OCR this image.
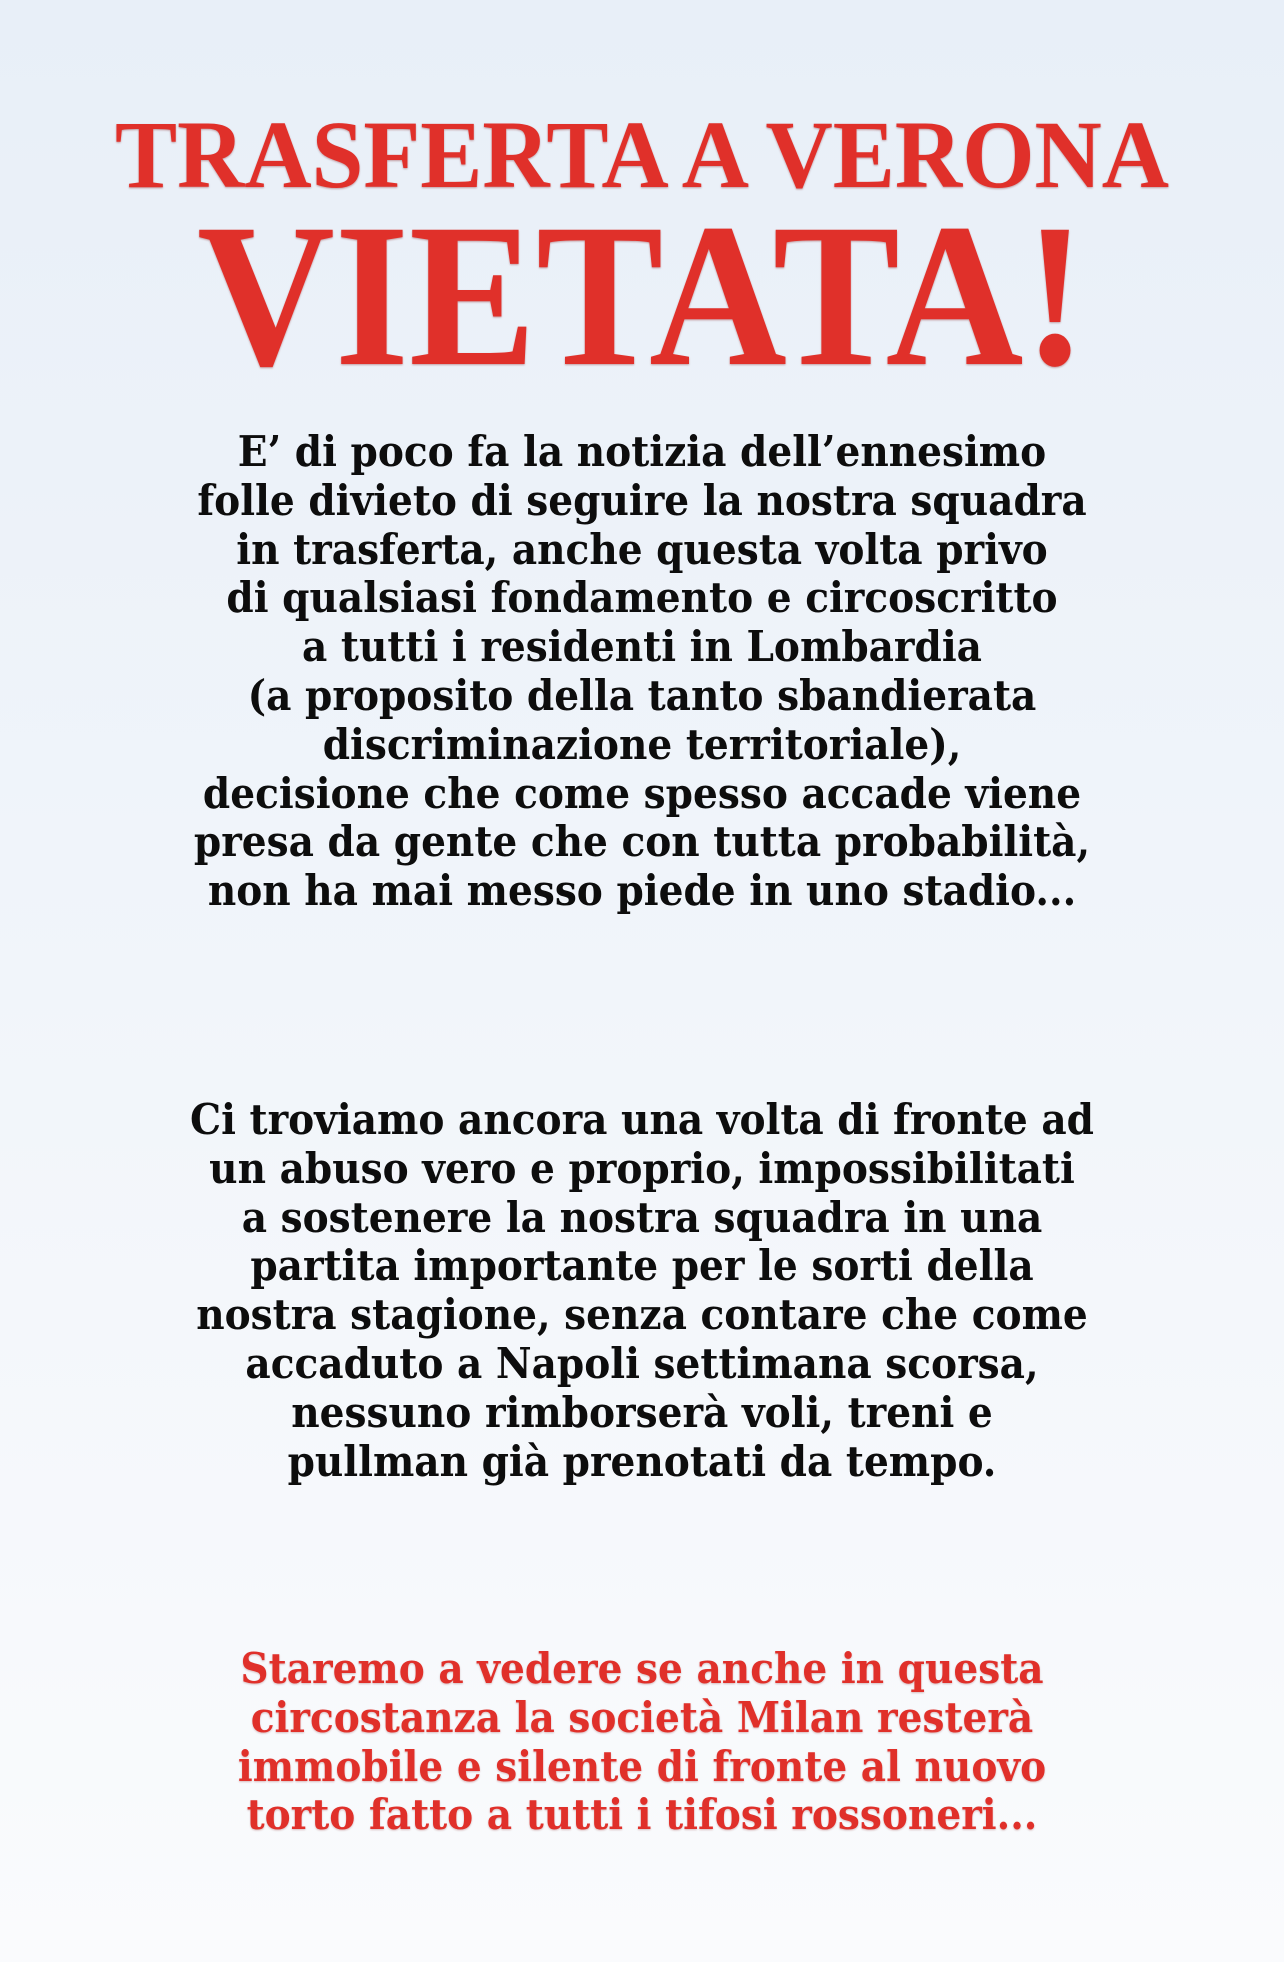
TRASFERTA A VERONA
VIETATA!
E’ di poco fa la notizia dell’ennesimo
folle divieto di seguire la nostra squadra
in trasferta, anche questa volta privo
di qualsiasi fondamento e circoscritto
a tutti i residenti in Lombardia
(a proposito della tanto sbandierata
discriminazione territoriale),
decisione che come spesso accade viene
presa da gente che con tutta probabilità,
non ha mai messo piede in uno stadio...
Ci troviamo ancora una volta di fronte ad
un abuso vero e proprio, impossibilitati
a sostenere la nostra squadra in una
partita importante per le sorti della
nostra stagione, senza contare che come
accaduto a Napoli settimana scorsa,
nessuno rimborserà voli, treni e
pullman già prenotati da tempo.
Staremo a vedere se anche in questa
circostanza la società Milan resterà
immobile e silente di fronte al nuovo
torto fatto a tutti i tifosi rossoneri...
